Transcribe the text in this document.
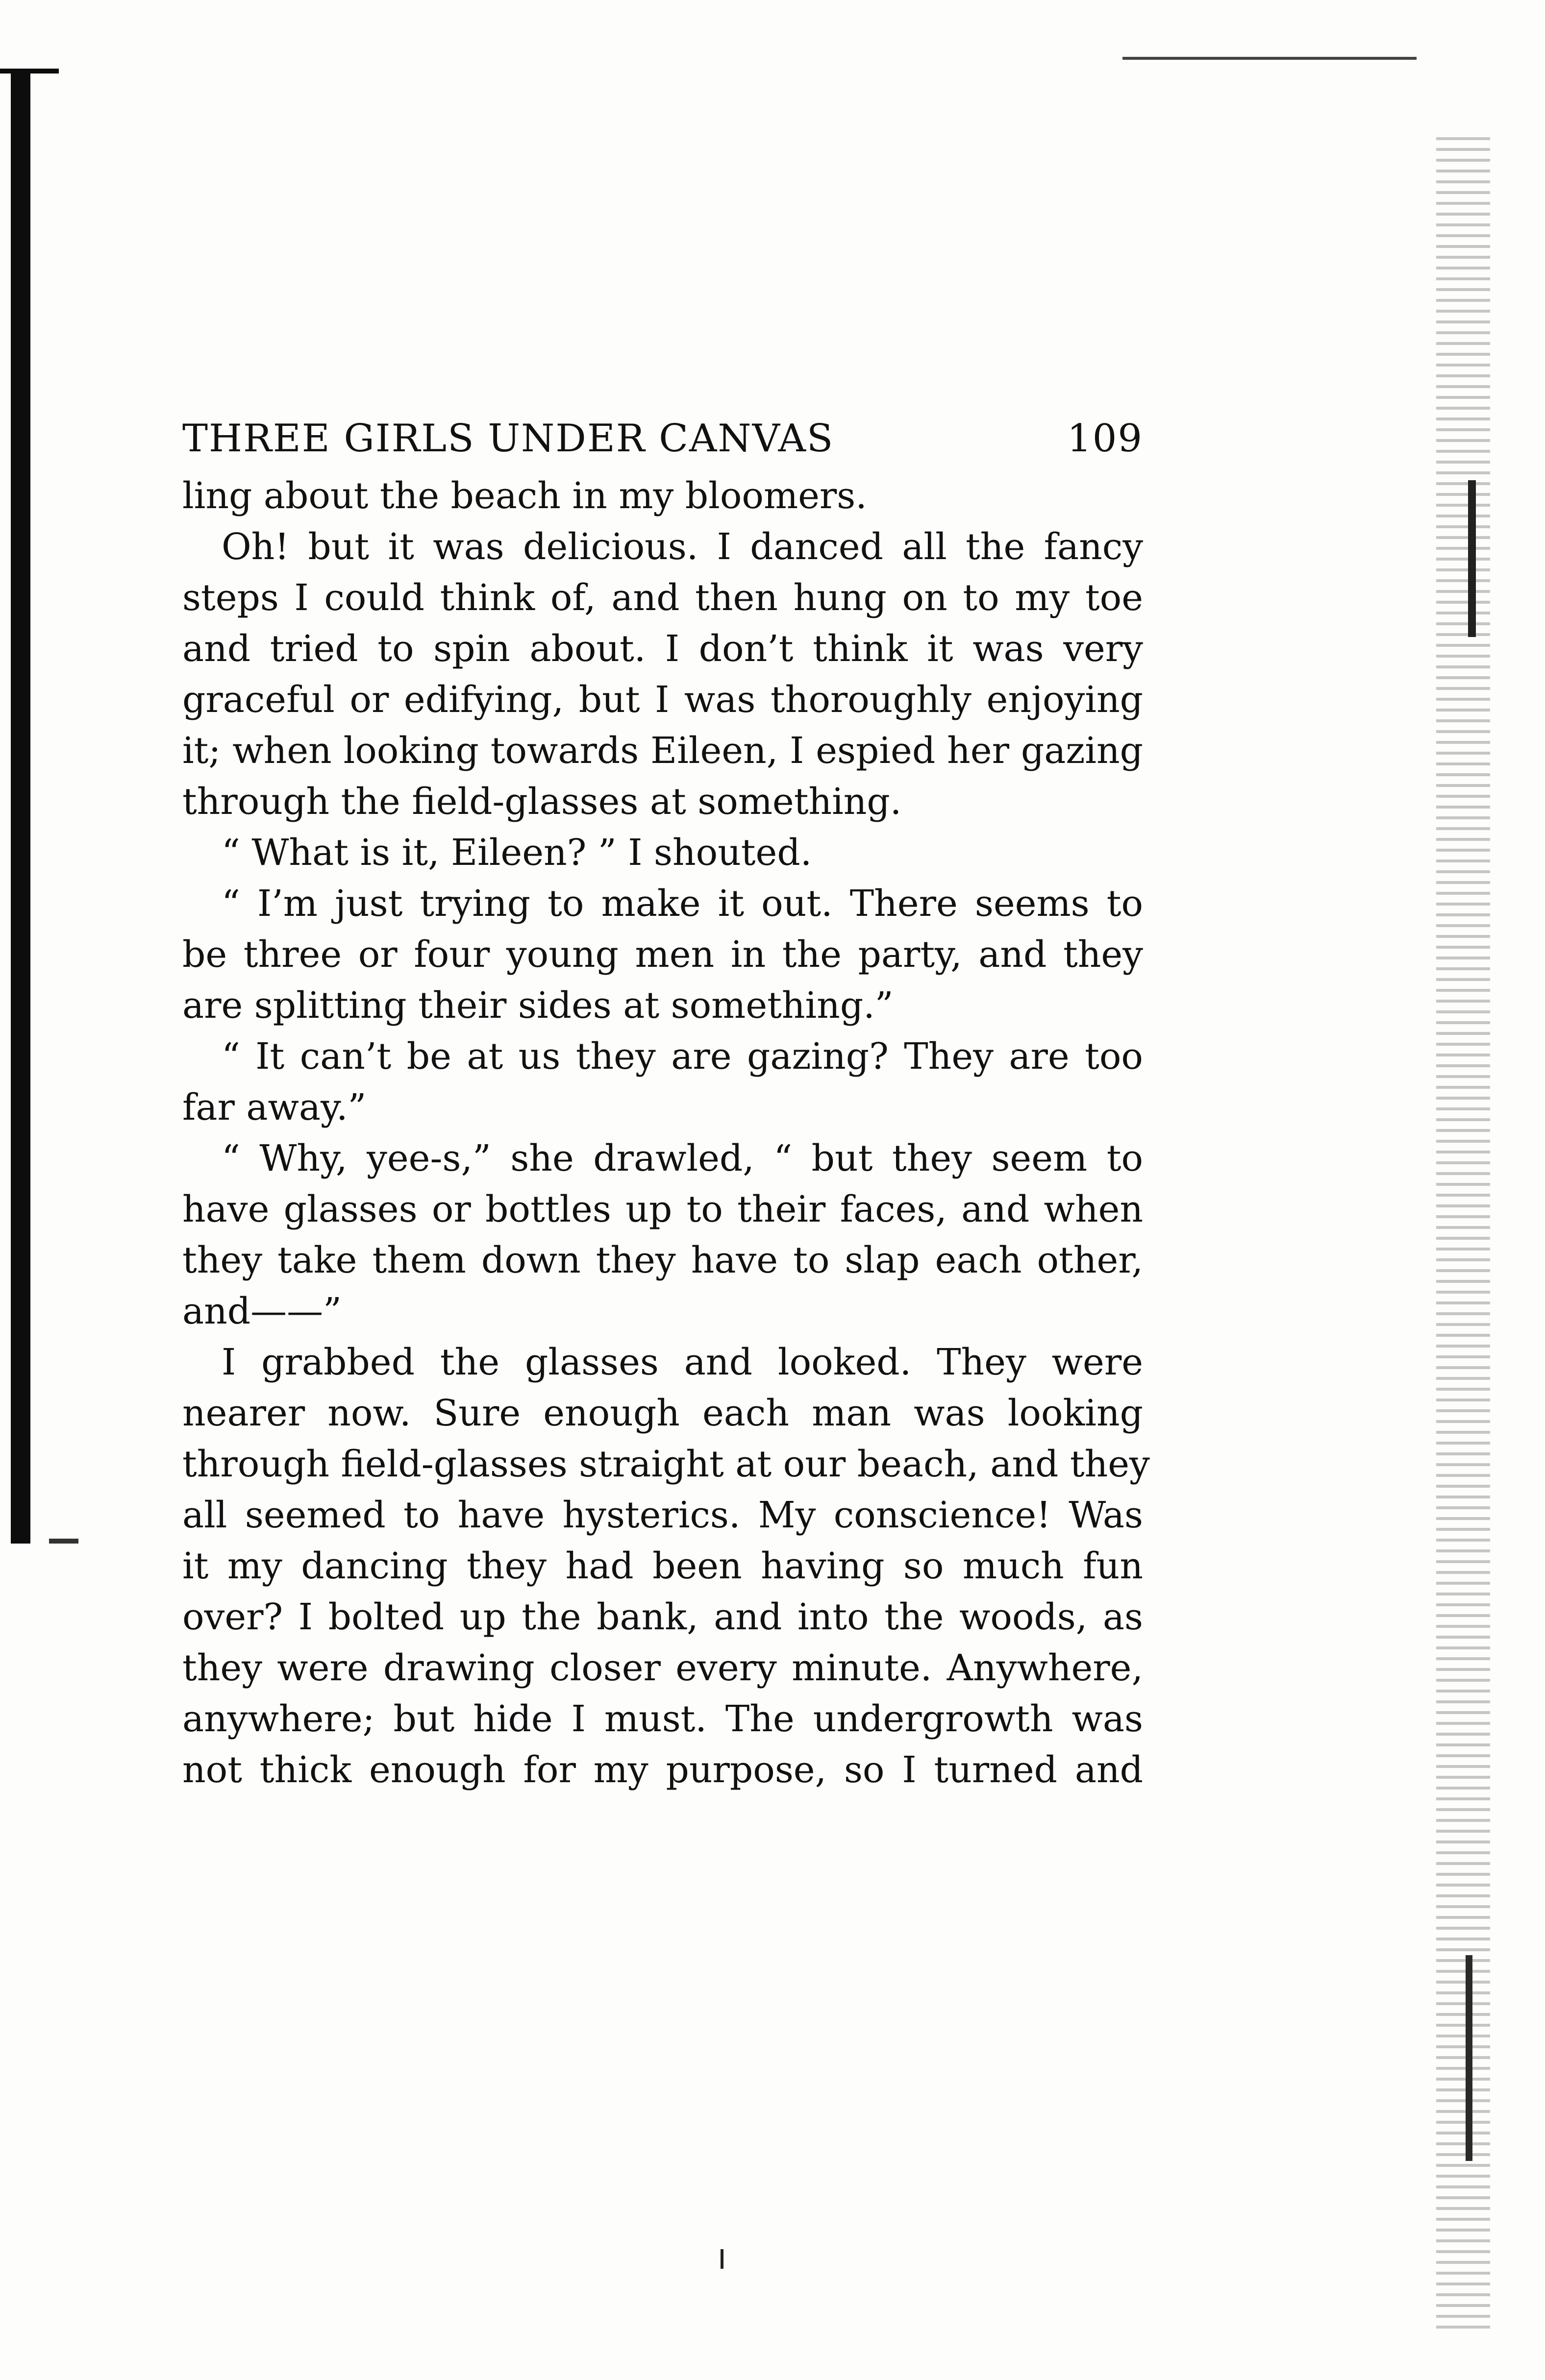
THREE GIRLS UNDER CANVAS	109
ling about the beach in my bloomers.
Oh! but it was delicious. I danced all the fancy
steps I could think of, and then hung on to my toe
and tried to spin about. I don’t think it was very
graceful or edifying, but I was thoroughly enjoying
it; when looking towards Eileen, I espied her gazing
through the field-glasses at something.
“ What is it, Eileen? ” I shouted.
“ I’m just trying to make it out. There seems to
be three or four young men in the party, and they
are splitting their sides at something.”
“ It can’t be at us they are gazing? They are too
far away.”
“ Why, yee-s,” she drawled, “ but they seem to
have glasses or bottles up to their faces, and when
they take them down they have to slap each other,
and——”
I grabbed the glasses and looked. They were
nearer now. Sure enough each man was looking
through field-glasses straight at our beach, and they
all seemed to have hysterics. My conscience! Was
it my dancing they had been having so much fun
over? I bolted up the bank, and into the woods, as
they were drawing closer every minute. Anywhere,
anywhere; but hide I must. The undergrowth was
not thick enough for my purpose, so I turned and
